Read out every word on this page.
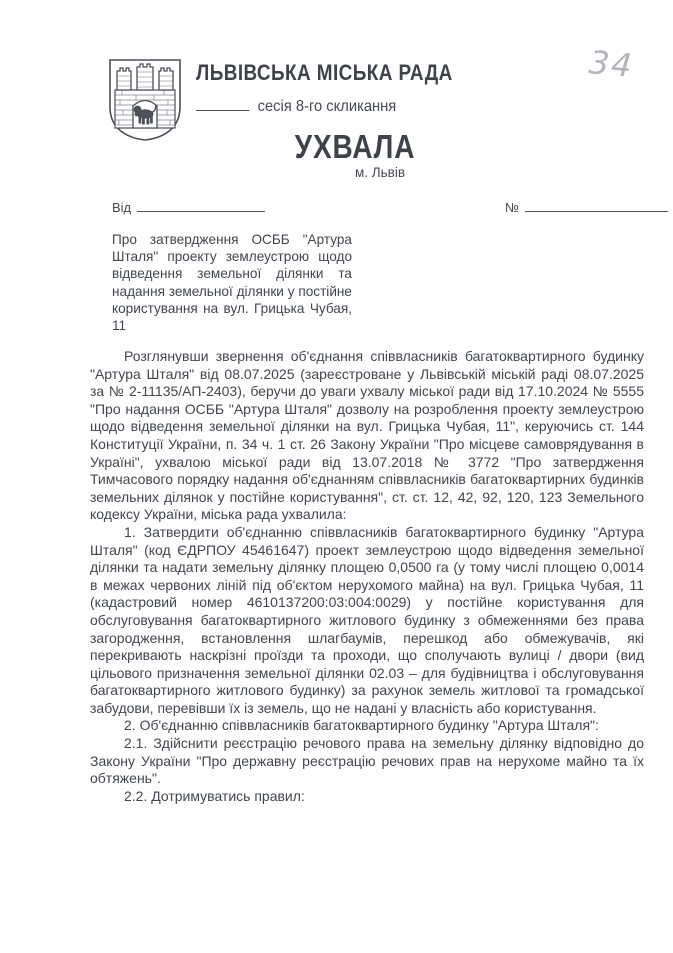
ЛЬВІВСЬКА МІСЬКА РАДА
сесія 8-го скликання
УХВАЛА
м. Львів
34
Від	№
Про затвердження ОСББ "Артура Шталя" проекту землеустрою щодо відведення земельної ділянки та надання земельної ділянки у постійне користування на вул. Грицька Чубая, 11

Розглянувши звернення об'єднання співвласників багатоквартирного будинку "Артура Шталя" від 08.07.2025 (зареєстроване у Львівській міській раді 08.07.2025 за № 2-11135/АП-2403), беручи до уваги ухвалу міської ради від 17.10.2024 № 5555 "Про надання ОСББ "Артура Шталя" дозволу на розроблення проекту землеустрою щодо відведення земельної ділянки на вул. Грицька Чубая, 11", керуючись ст. 144 Конституції України, п. 34 ч. 1 ст. 26 Закону України "Про місцеве самоврядування в Україні", ухвалою міської ради від 13.07.2018 № 3772 "Про затвердження Тимчасового порядку надання об'єднанням співвласників багатоквартирних будинків земельних ділянок у постійне користування", ст. ст. 12, 42, 92, 120, 123 Земельного кодексу України, міська рада ухвалила:

1. Затвердити об'єднанню співвласників багатоквартирного будинку "Артура Шталя" (код ЄДРПОУ 45461647) проект землеустрою щодо відведення земельної ділянки та надати земельну ділянку площею 0,0500 га (у тому числі площею 0,0014 в межах червоних ліній під об'єктом нерухомого майна) на вул. Грицька Чубая, 11 (кадастровий номер 4610137200:03:004:0029) у постійне користування для обслуговування багатоквартирного житлового будинку з обмеженнями без права загородження, встановлення шлагбаумів, перешкод або обмежувачів, які перекривають наскрізні проїзди та проходи, що сполучають вулиці / двори (вид цільового призначення земельної ділянки 02.03 – для будівництва і обслуговування багатоквартирного житлового будинку) за рахунок земель житлової та громадської забудови, перевівши їх із земель, що не надані у власність або користування.

2. Об'єднанню співвласників багатоквартирного будинку "Артура Шталя":

2.1. Здійснити реєстрацію речового права на земельну ділянку відповідно до Закону України "Про державну реєстрацію речових прав на нерухоме майно та їх обтяжень".

2.2. Дотримуватись правил:
